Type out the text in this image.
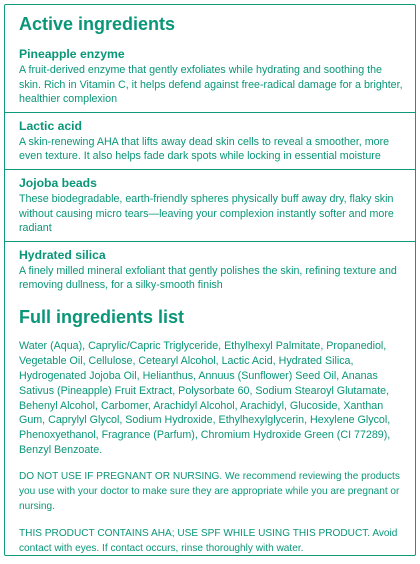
Active ingredients
Pineapple enzyme
A fruit-derived enzyme that gently exfoliates while hydrating and soothing the skin. Rich in Vitamin C, it helps defend against free-radical damage for a brighter, healthier complexion
Lactic acid
A skin-renewing AHA that lifts away dead skin cells to reveal a smoother, more even texture. It also helps fade dark spots while locking in essential moisture
Jojoba beads
These biodegradable, earth-friendly spheres physically buff away dry, flaky skin without causing micro tears—leaving your complexion instantly softer and more radiant
Hydrated silica
A finely milled mineral exfoliant that gently polishes the skin, refining texture and removing dullness, for a silky-smooth finish
Full ingredients list

Water (Aqua), Caprylic/Capric Triglyceride, Ethylhexyl Palmitate, Propanediol, Vegetable Oil, Cellulose, Cetearyl Alcohol, Lactic Acid, Hydrated Silica, Hydrogenated Jojoba Oil, Helianthus, Annuus (Sunflower) Seed Oil, Ananas Sativus (Pineapple) Fruit Extract, Polysorbate 60, Sodium Stearoyl Glutamate, Behenyl Alcohol, Carbomer, Arachidyl Alcohol, Arachidyl, Glucoside, Xanthan Gum, Caprylyl Glycol, Sodium Hydroxide, Ethylhexylglycerin, Hexylene Glycol, Phenoxyethanol, Fragrance (Parfum), Chromium Hydroxide Green (CI 77289), Benzyl Benzoate.

DO NOT USE IF PREGNANT OR NURSING. We recommend reviewing the products you use with your doctor to make sure they are appropriate while you are pregnant or nursing.

THIS PRODUCT CONTAINS AHA; USE SPF WHILE USING THIS PRODUCT. Avoid contact with eyes. If contact occurs, rinse thoroughly with water.
